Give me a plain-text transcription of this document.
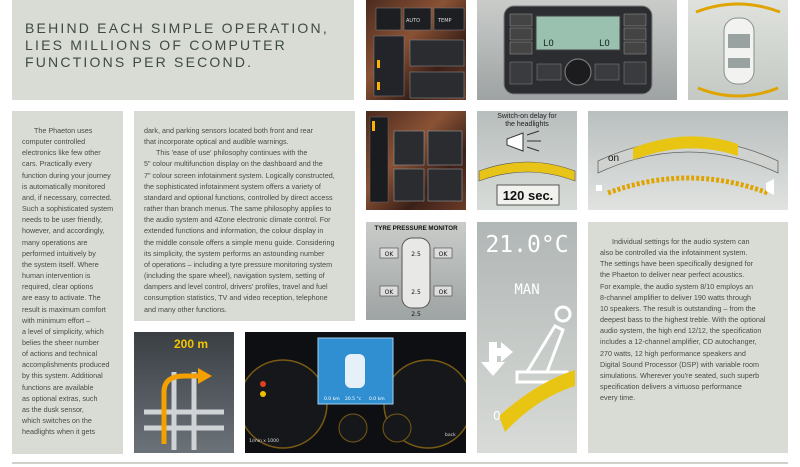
BEHIND EACH SIMPLE OPERATION,
LIES MILLIONS OF COMPUTER
FUNCTIONS PER SECOND.
AUTO	TEMP
LO	LO

The Phaeton uses

computer controlled

electronics like few other

cars. Practically every

function during your journey

is automatically monitored

and, if necessary, corrected.

Such a sophisticated system

needs to be user friendly,

however, and accordingly,

many operations are

performed intuitively by

the system itself. Where

human intervention is

required, clear options

are easy to activate. The

result is maximum comfort

with minimum effort –

a level of simplicity, which

belies the sheer number

of actions and technical

accomplishments produced

by this system. Additional

functions are available

as optional extras, such

as the dusk sensor,

which switches on the

headlights when it gets

dark, and parking sensors located both front and rear

that incorporate optical and audible warnings.

This 'ease of use' philosophy continues with the

5" colour multifunction display on the dashboard and the

7" colour screen infotainment system. Logically constructed,

the sophisticated infotainment system offers a variety of

standard and optional functions, controlled by direct access

rather than branch menus. The same philosophy applies to

the audio system and 4Zone electronic climate control. For

extended functions and information, the colour display in

the middle console offers a simple menu guide. Considering

its simplicity, the system performs an astounding number

of operations – including a tyre pressure monitoring system

(including the spare wheel), navigation system, setting of

dampers and level control, drivers' profiles, travel and fuel

consumption statistics, TV and video reception, telephone

and many other functions.

Switch-on delay for
the headlights
120 sec.
on
TYRE PRESSURE MONITOR
OK	OK
OK	OK
2.5
2.5
2.5
21.0°C
MAN
0

Individual settings for the audio system can

also be controlled via the infotainment system.

The settings have been specifically designed for

the Phaeton to deliver near perfect acoustics.

For example, the audio system 8/10 employs an

8-channel amplifier to deliver 190 watts through

10 speakers. The result is outstanding – from the

deepest bass to the highest treble. With the optional

audio system, the high end 12/12, the specification

includes a 12-channel amplifier, CD autochanger,

270 watts, 12 high performance speakers and

Digital Sound Processor (DSP) with variable room

simulations. Wherever you're seated, such superb

specification delivers a virtuoso performance

every time.

200 m
0.0 km 20.5 °c 0.0 km
1/min x 1000
back
